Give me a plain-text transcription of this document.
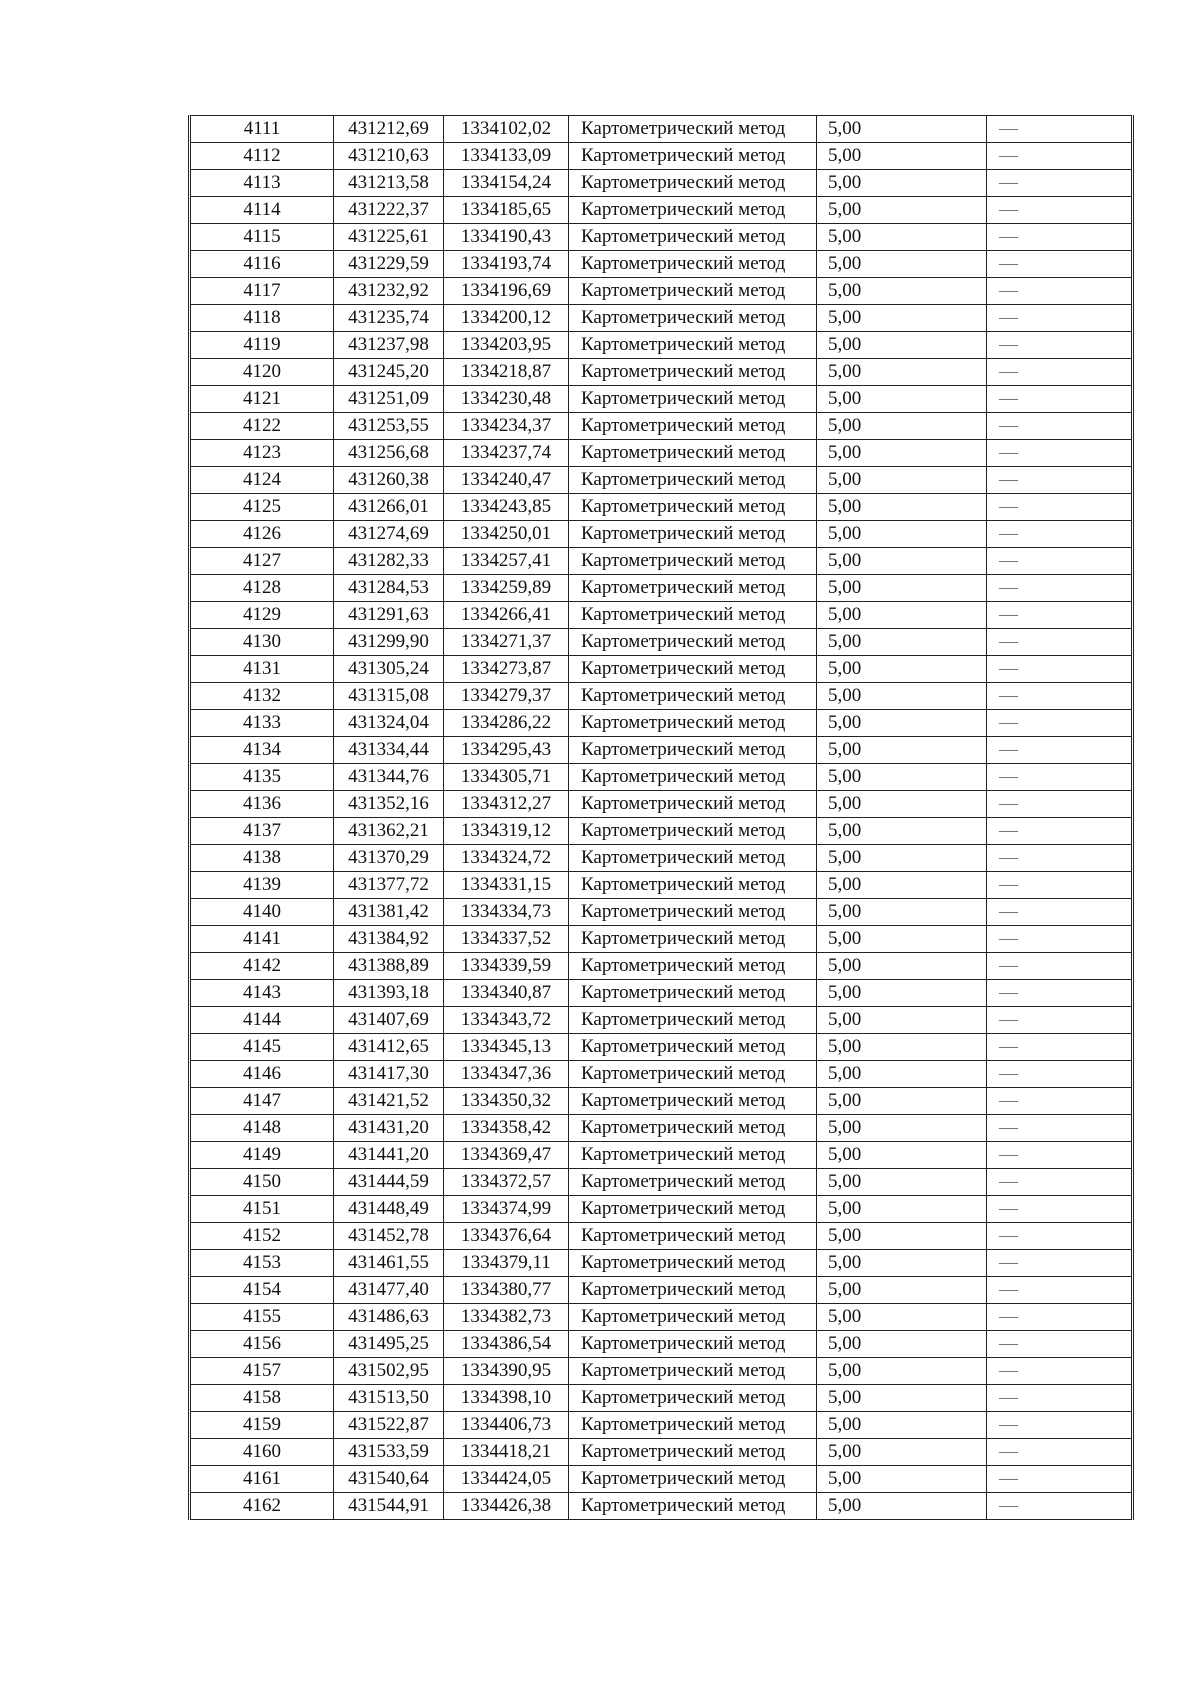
4111	431212,69	1334102,02	Картометрический метод	5,00	—
4112	431210,63	1334133,09	Картометрический метод	5,00	—
4113	431213,58	1334154,24	Картометрический метод	5,00	—
4114	431222,37	1334185,65	Картометрический метод	5,00	—
4115	431225,61	1334190,43	Картометрический метод	5,00	—
4116	431229,59	1334193,74	Картометрический метод	5,00	—
4117	431232,92	1334196,69	Картометрический метод	5,00	—
4118	431235,74	1334200,12	Картометрический метод	5,00	—
4119	431237,98	1334203,95	Картометрический метод	5,00	—
4120	431245,20	1334218,87	Картометрический метод	5,00	—
4121	431251,09	1334230,48	Картометрический метод	5,00	—
4122	431253,55	1334234,37	Картометрический метод	5,00	—
4123	431256,68	1334237,74	Картометрический метод	5,00	—
4124	431260,38	1334240,47	Картометрический метод	5,00	—
4125	431266,01	1334243,85	Картометрический метод	5,00	—
4126	431274,69	1334250,01	Картометрический метод	5,00	—
4127	431282,33	1334257,41	Картометрический метод	5,00	—
4128	431284,53	1334259,89	Картометрический метод	5,00	—
4129	431291,63	1334266,41	Картометрический метод	5,00	—
4130	431299,90	1334271,37	Картометрический метод	5,00	—
4131	431305,24	1334273,87	Картометрический метод	5,00	—
4132	431315,08	1334279,37	Картометрический метод	5,00	—
4133	431324,04	1334286,22	Картометрический метод	5,00	—
4134	431334,44	1334295,43	Картометрический метод	5,00	—
4135	431344,76	1334305,71	Картометрический метод	5,00	—
4136	431352,16	1334312,27	Картометрический метод	5,00	—
4137	431362,21	1334319,12	Картометрический метод	5,00	—
4138	431370,29	1334324,72	Картометрический метод	5,00	—
4139	431377,72	1334331,15	Картометрический метод	5,00	—
4140	431381,42	1334334,73	Картометрический метод	5,00	—
4141	431384,92	1334337,52	Картометрический метод	5,00	—
4142	431388,89	1334339,59	Картометрический метод	5,00	—
4143	431393,18	1334340,87	Картометрический метод	5,00	—
4144	431407,69	1334343,72	Картометрический метод	5,00	—
4145	431412,65	1334345,13	Картометрический метод	5,00	—
4146	431417,30	1334347,36	Картометрический метод	5,00	—
4147	431421,52	1334350,32	Картометрический метод	5,00	—
4148	431431,20	1334358,42	Картометрический метод	5,00	—
4149	431441,20	1334369,47	Картометрический метод	5,00	—
4150	431444,59	1334372,57	Картометрический метод	5,00	—
4151	431448,49	1334374,99	Картометрический метод	5,00	—
4152	431452,78	1334376,64	Картометрический метод	5,00	—
4153	431461,55	1334379,11	Картометрический метод	5,00	—
4154	431477,40	1334380,77	Картометрический метод	5,00	—
4155	431486,63	1334382,73	Картометрический метод	5,00	—
4156	431495,25	1334386,54	Картометрический метод	5,00	—
4157	431502,95	1334390,95	Картометрический метод	5,00	—
4158	431513,50	1334398,10	Картометрический метод	5,00	—
4159	431522,87	1334406,73	Картометрический метод	5,00	—
4160	431533,59	1334418,21	Картометрический метод	5,00	—
4161	431540,64	1334424,05	Картометрический метод	5,00	—
4162	431544,91	1334426,38	Картометрический метод	5,00	—
